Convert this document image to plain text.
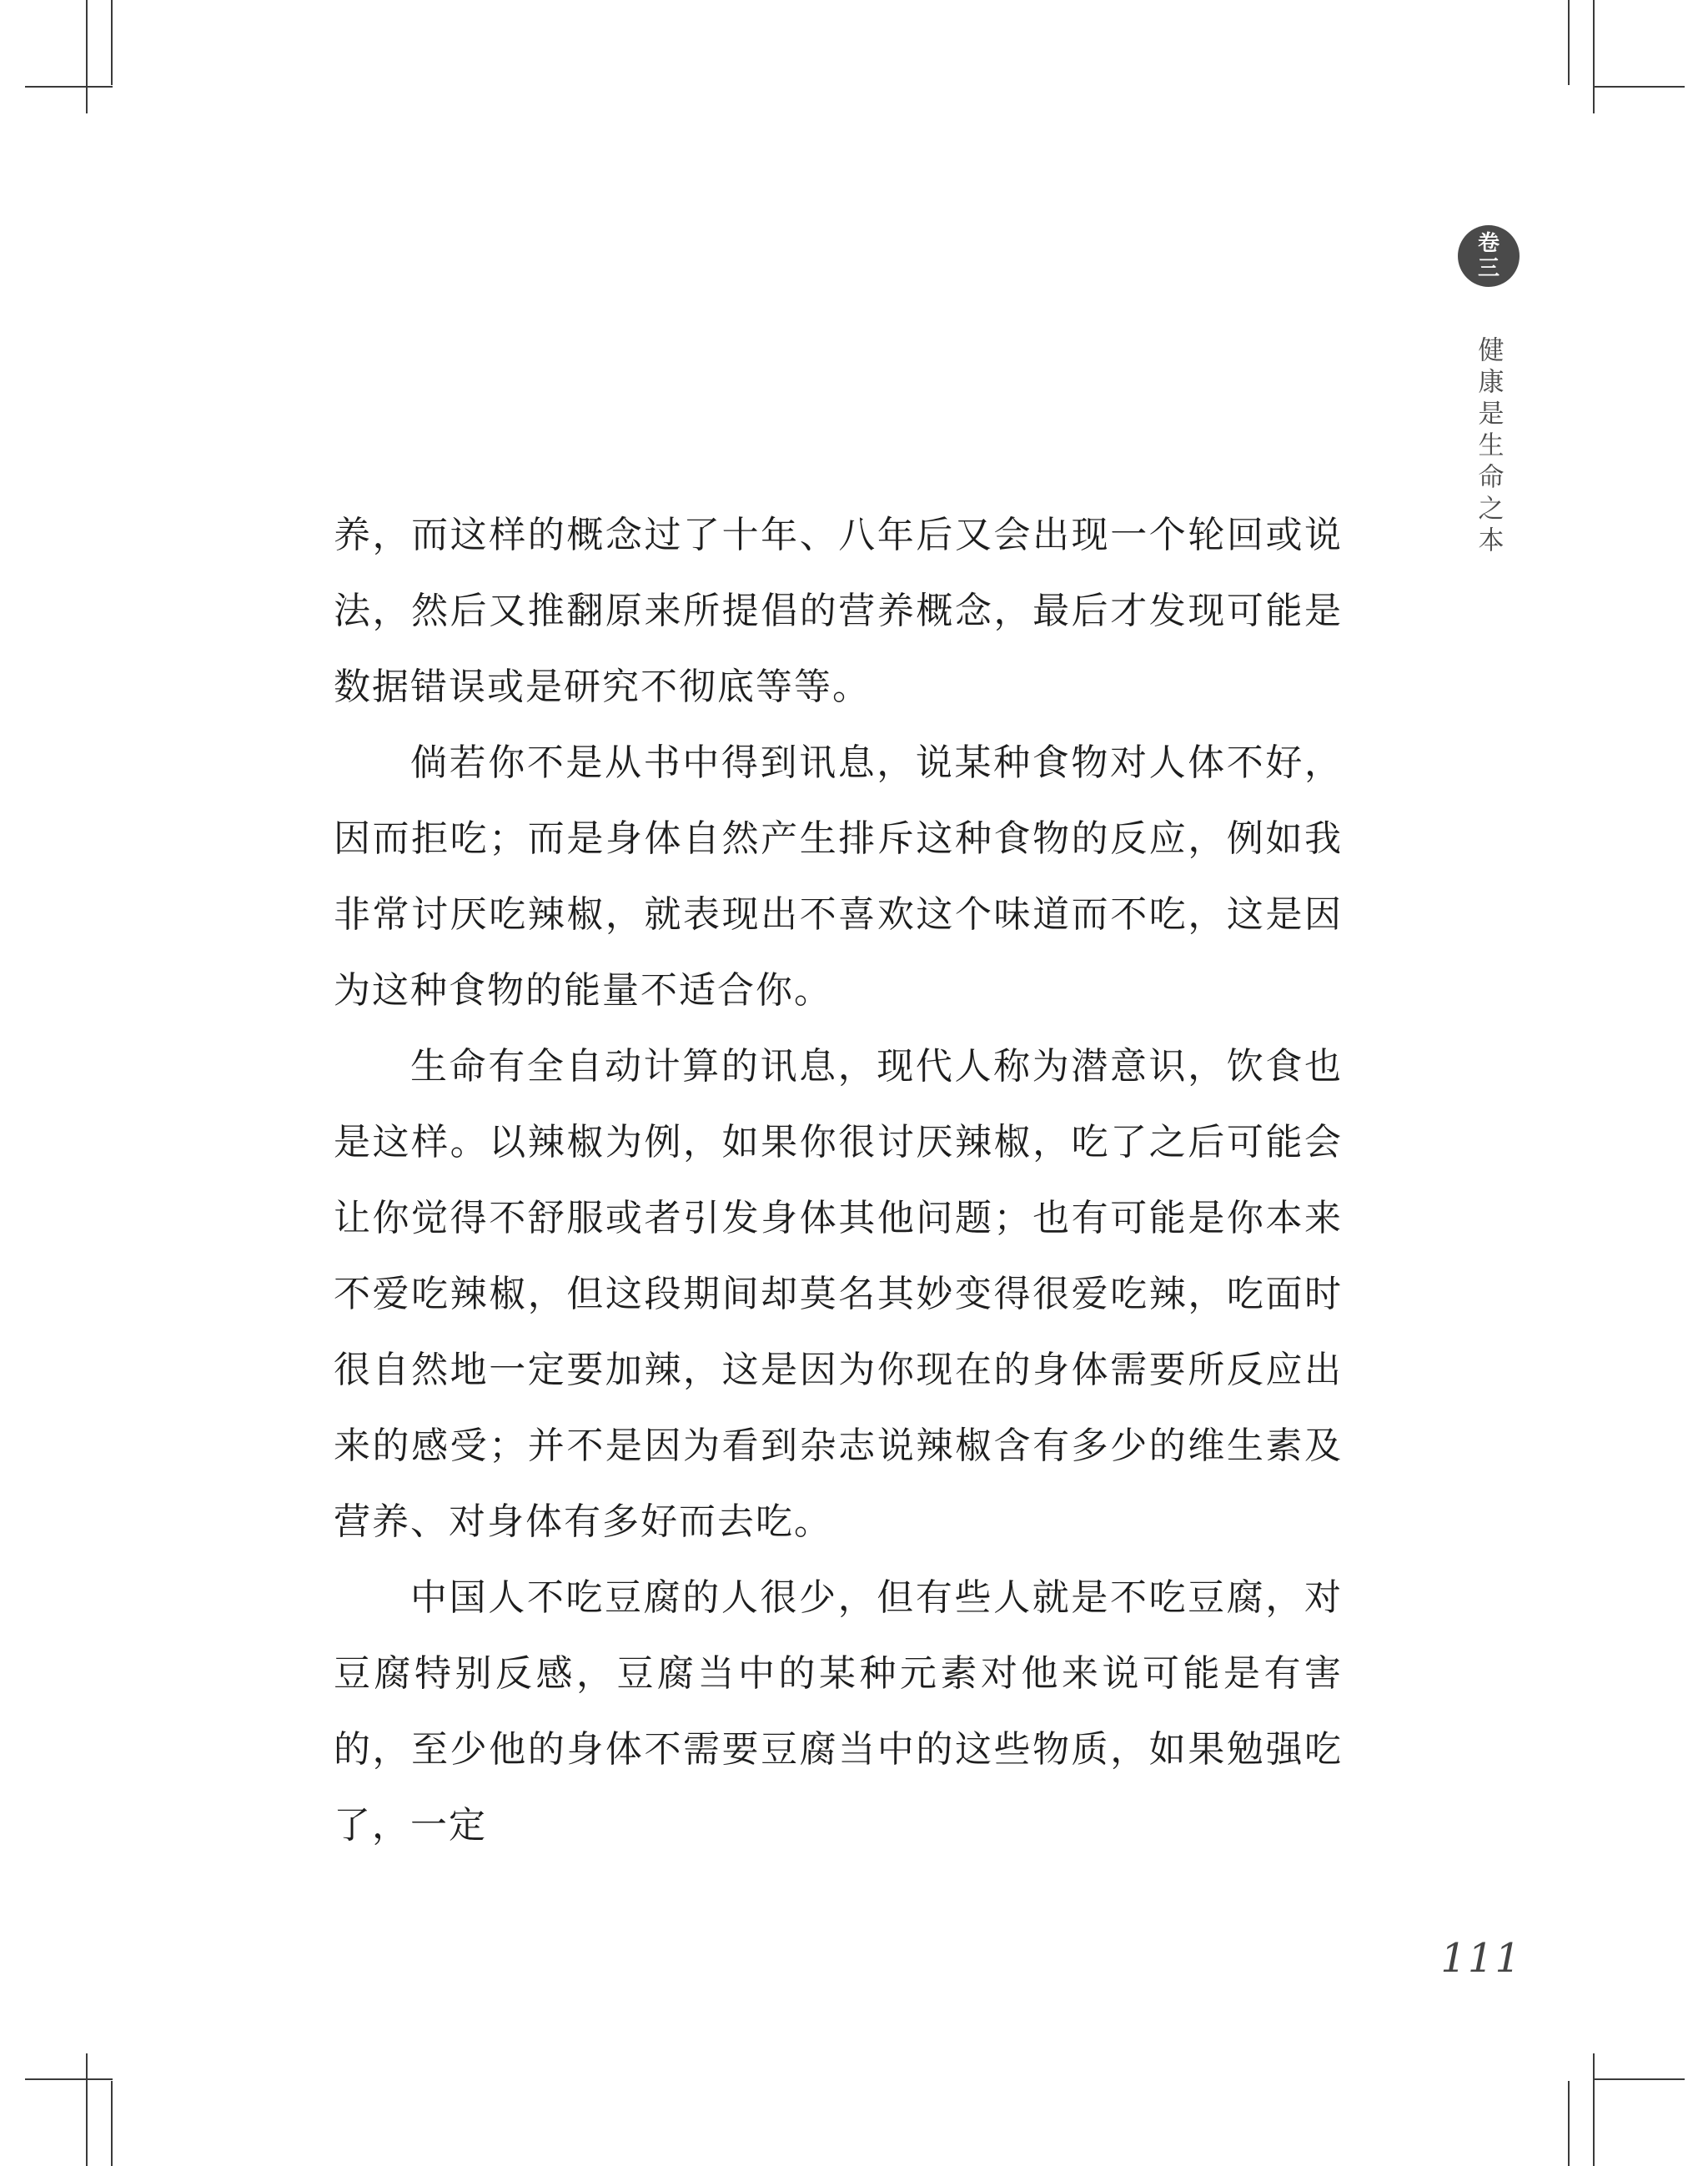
卷
三
健康是生命之本

养，而这样的概念过了十年、八年后又会出现一个轮回或说法，然后又推翻原来所提倡的营养概念，最后才发现可能是数据错误或是研究不彻底等等。

倘若你不是从书中得到讯息，说某种食物对人体不好，因而拒吃；而是身体自然产生排斥这种食物的反应，例如我非常讨厌吃辣椒，就表现出不喜欢这个味道而不吃，这是因为这种食物的能量不适合你。

生命有全自动计算的讯息，现代人称为潜意识，饮食也是这样。以辣椒为例，如果你很讨厌辣椒，吃了之后可能会让你觉得不舒服或者引发身体其他问题；也有可能是你本来不爱吃辣椒，但这段期间却莫名其妙变得很爱吃辣，吃面时很自然地一定要加辣，这是因为你现在的身体需要所反应出来的感受；并不是因为看到杂志说辣椒含有多少的维生素及营养、对身体有多好而去吃。

中国人不吃豆腐的人很少，但有些人就是不吃豆腐，对豆腐特别反感，豆腐当中的某种元素对他来说可能是有害的，至少他的身体不需要豆腐当中的这些物质，如果勉强吃了，一定

111
